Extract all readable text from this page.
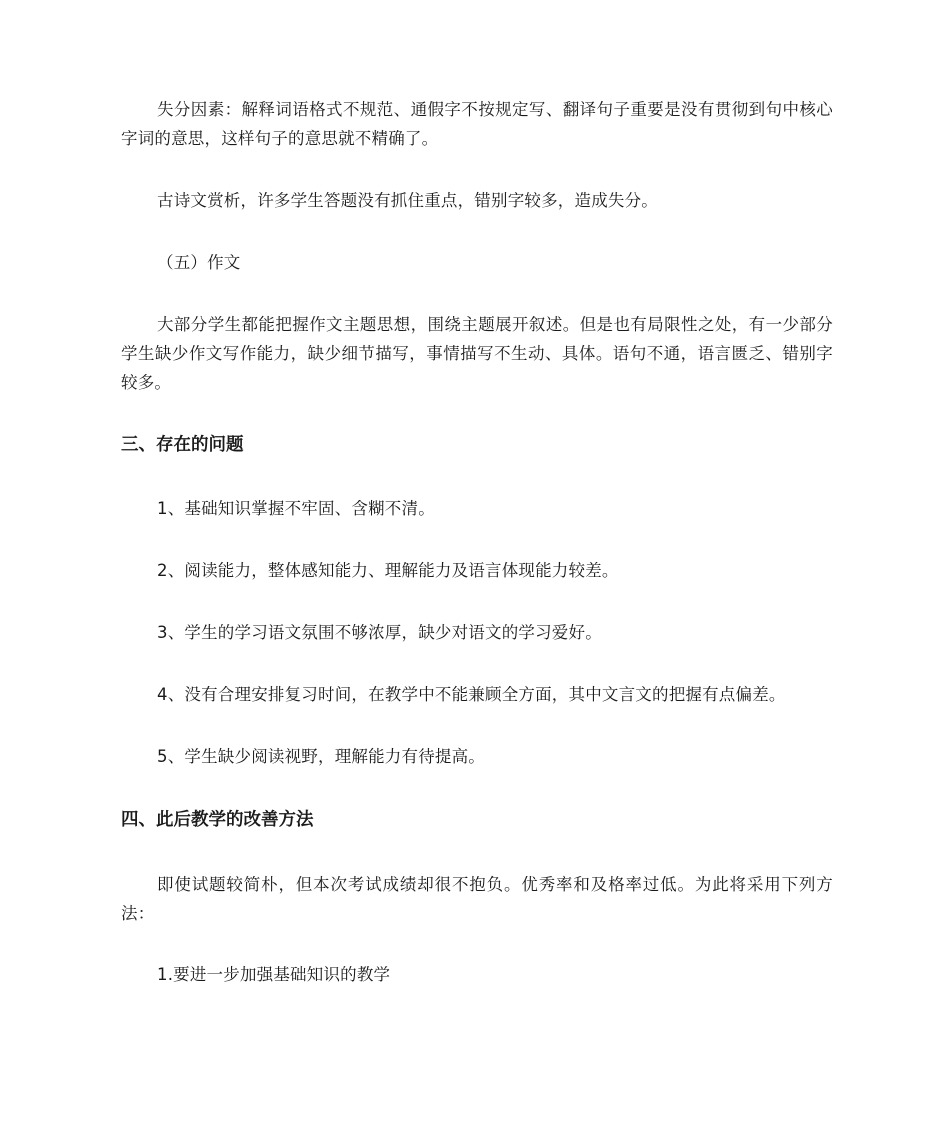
失分因素：解释词语格式不规范、通假字不按规定写、翻译句子重要是没有贯彻到句中核心字词的意思，这样句子的意思就不精确了。

古诗文赏析，许多学生答题没有抓住重点，错别字较多，造成失分。

（五）作文

大部分学生都能把握作文主题思想，围绕主题展开叙述。但是也有局限性之处，有一少部分学生缺少作文写作能力，缺少细节描写，事情描写不生动、具体。语句不通，语言匮乏、错别字较多。

三、存在的问题

1、基础知识掌握不牢固、含糊不清。

2、阅读能力，整体感知能力、理解能力及语言体现能力较差。

3、学生的学习语文氛围不够浓厚，缺少对语文的学习爱好。

4、没有合理安排复习时间，在教学中不能兼顾全方面，其中文言文的把握有点偏差。

5、学生缺少阅读视野，理解能力有待提高。

四、此后教学的改善方法

即使试题较简朴，但本次考试成绩却很不抱负。优秀率和及格率过低。为此将采用下列方法：

1.要进一步加强基础知识的教学
